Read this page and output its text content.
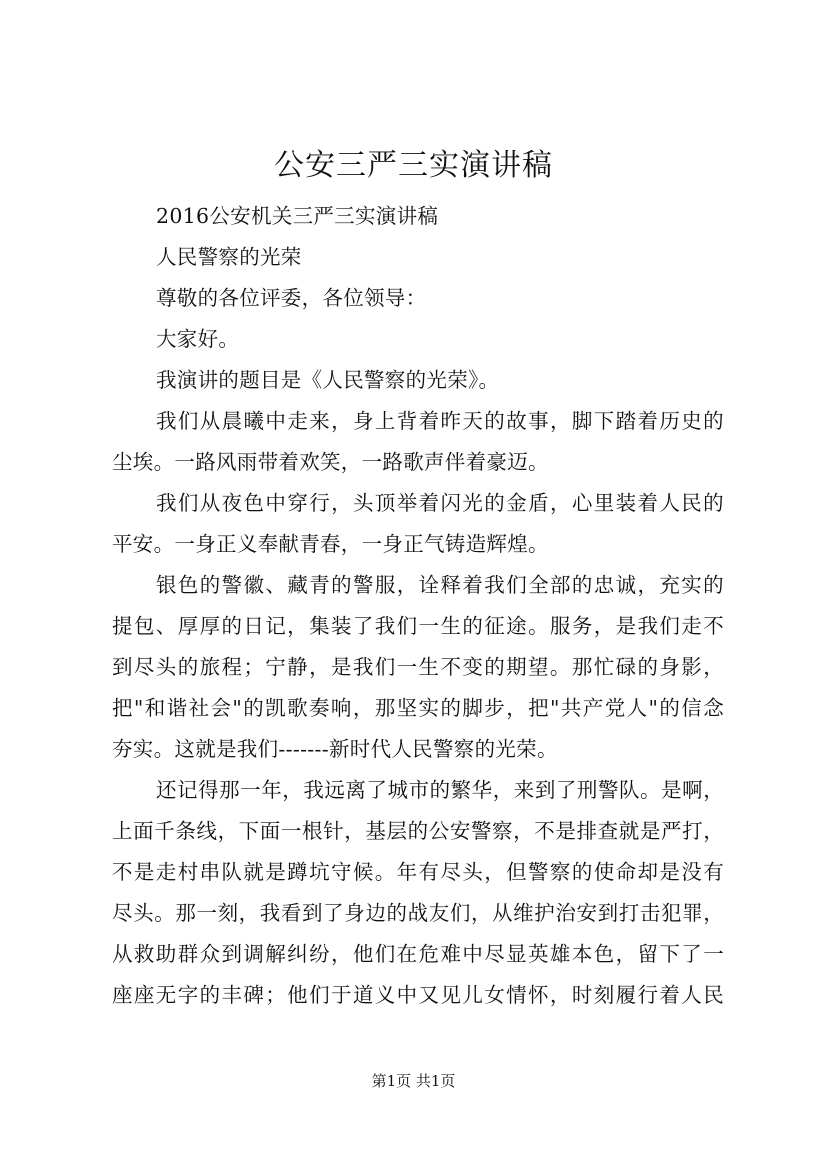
公安三严三实演讲稿
2016公安机关三严三实演讲稿
人民警察的光荣
尊敬的各位评委，各位领导：
大家好。
我演讲的题目是《人民警察的光荣》。
我们从晨曦中走来，身上背着昨天的故事，脚下踏着历史的
尘埃。一路风雨带着欢笑，一路歌声伴着豪迈。
我们从夜色中穿行，头顶举着闪光的金盾，心里装着人民的
平安。一身正义奉献青春，一身正气铸造辉煌。
银色的警徽、藏青的警服，诠释着我们全部的忠诚，充实的
提包、厚厚的日记，集装了我们一生的征途。服务，是我们走不
到尽头的旅程；宁静，是我们一生不变的期望。那忙碌的身影，
把"和谐社会"的凯歌奏响，那坚实的脚步，把"共产党人"的信念
夯实。这就是我们-------新时代人民警察的光荣。
还记得那一年，我远离了城市的繁华，来到了刑警队。是啊，
上面千条线，下面一根针，基层的公安警察，不是排查就是严打，
不是走村串队就是蹲坑守候。年有尽头，但警察的使命却是没有
尽头。那一刻，我看到了身边的战友们，从维护治安到打击犯罪，
从救助群众到调解纠纷，他们在危难中尽显英雄本色，留下了一
座座无字的丰碑；他们于道义中又见儿女情怀，时刻履行着人民
第1页 共1页
